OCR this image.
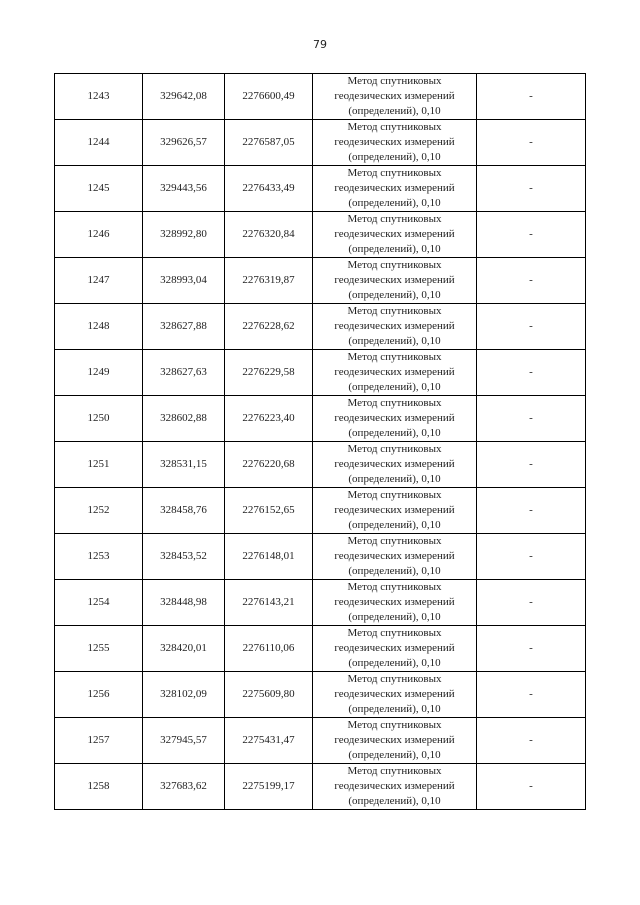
79
1243	329642,08	2276600,49	Метод спутниковых
геодезических измерений
(определений), 0,10	-
1244	329626,57	2276587,05	Метод спутниковых
геодезических измерений
(определений), 0,10	-
1245	329443,56	2276433,49	Метод спутниковых
геодезических измерений
(определений), 0,10	-
1246	328992,80	2276320,84	Метод спутниковых
геодезических измерений
(определений), 0,10	-
1247	328993,04	2276319,87	Метод спутниковых
геодезических измерений
(определений), 0,10	-
1248	328627,88	2276228,62	Метод спутниковых
геодезических измерений
(определений), 0,10	-
1249	328627,63	2276229,58	Метод спутниковых
геодезических измерений
(определений), 0,10	-
1250	328602,88	2276223,40	Метод спутниковых
геодезических измерений
(определений), 0,10	-
1251	328531,15	2276220,68	Метод спутниковых
геодезических измерений
(определений), 0,10	-
1252	328458,76	2276152,65	Метод спутниковых
геодезических измерений
(определений), 0,10	-
1253	328453,52	2276148,01	Метод спутниковых
геодезических измерений
(определений), 0,10	-
1254	328448,98	2276143,21	Метод спутниковых
геодезических измерений
(определений), 0,10	-
1255	328420,01	2276110,06	Метод спутниковых
геодезических измерений
(определений), 0,10	-
1256	328102,09	2275609,80	Метод спутниковых
геодезических измерений
(определений), 0,10	-
1257	327945,57	2275431,47	Метод спутниковых
геодезических измерений
(определений), 0,10	-
1258	327683,62	2275199,17	Метод спутниковых
геодезических измерений
(определений), 0,10	-
